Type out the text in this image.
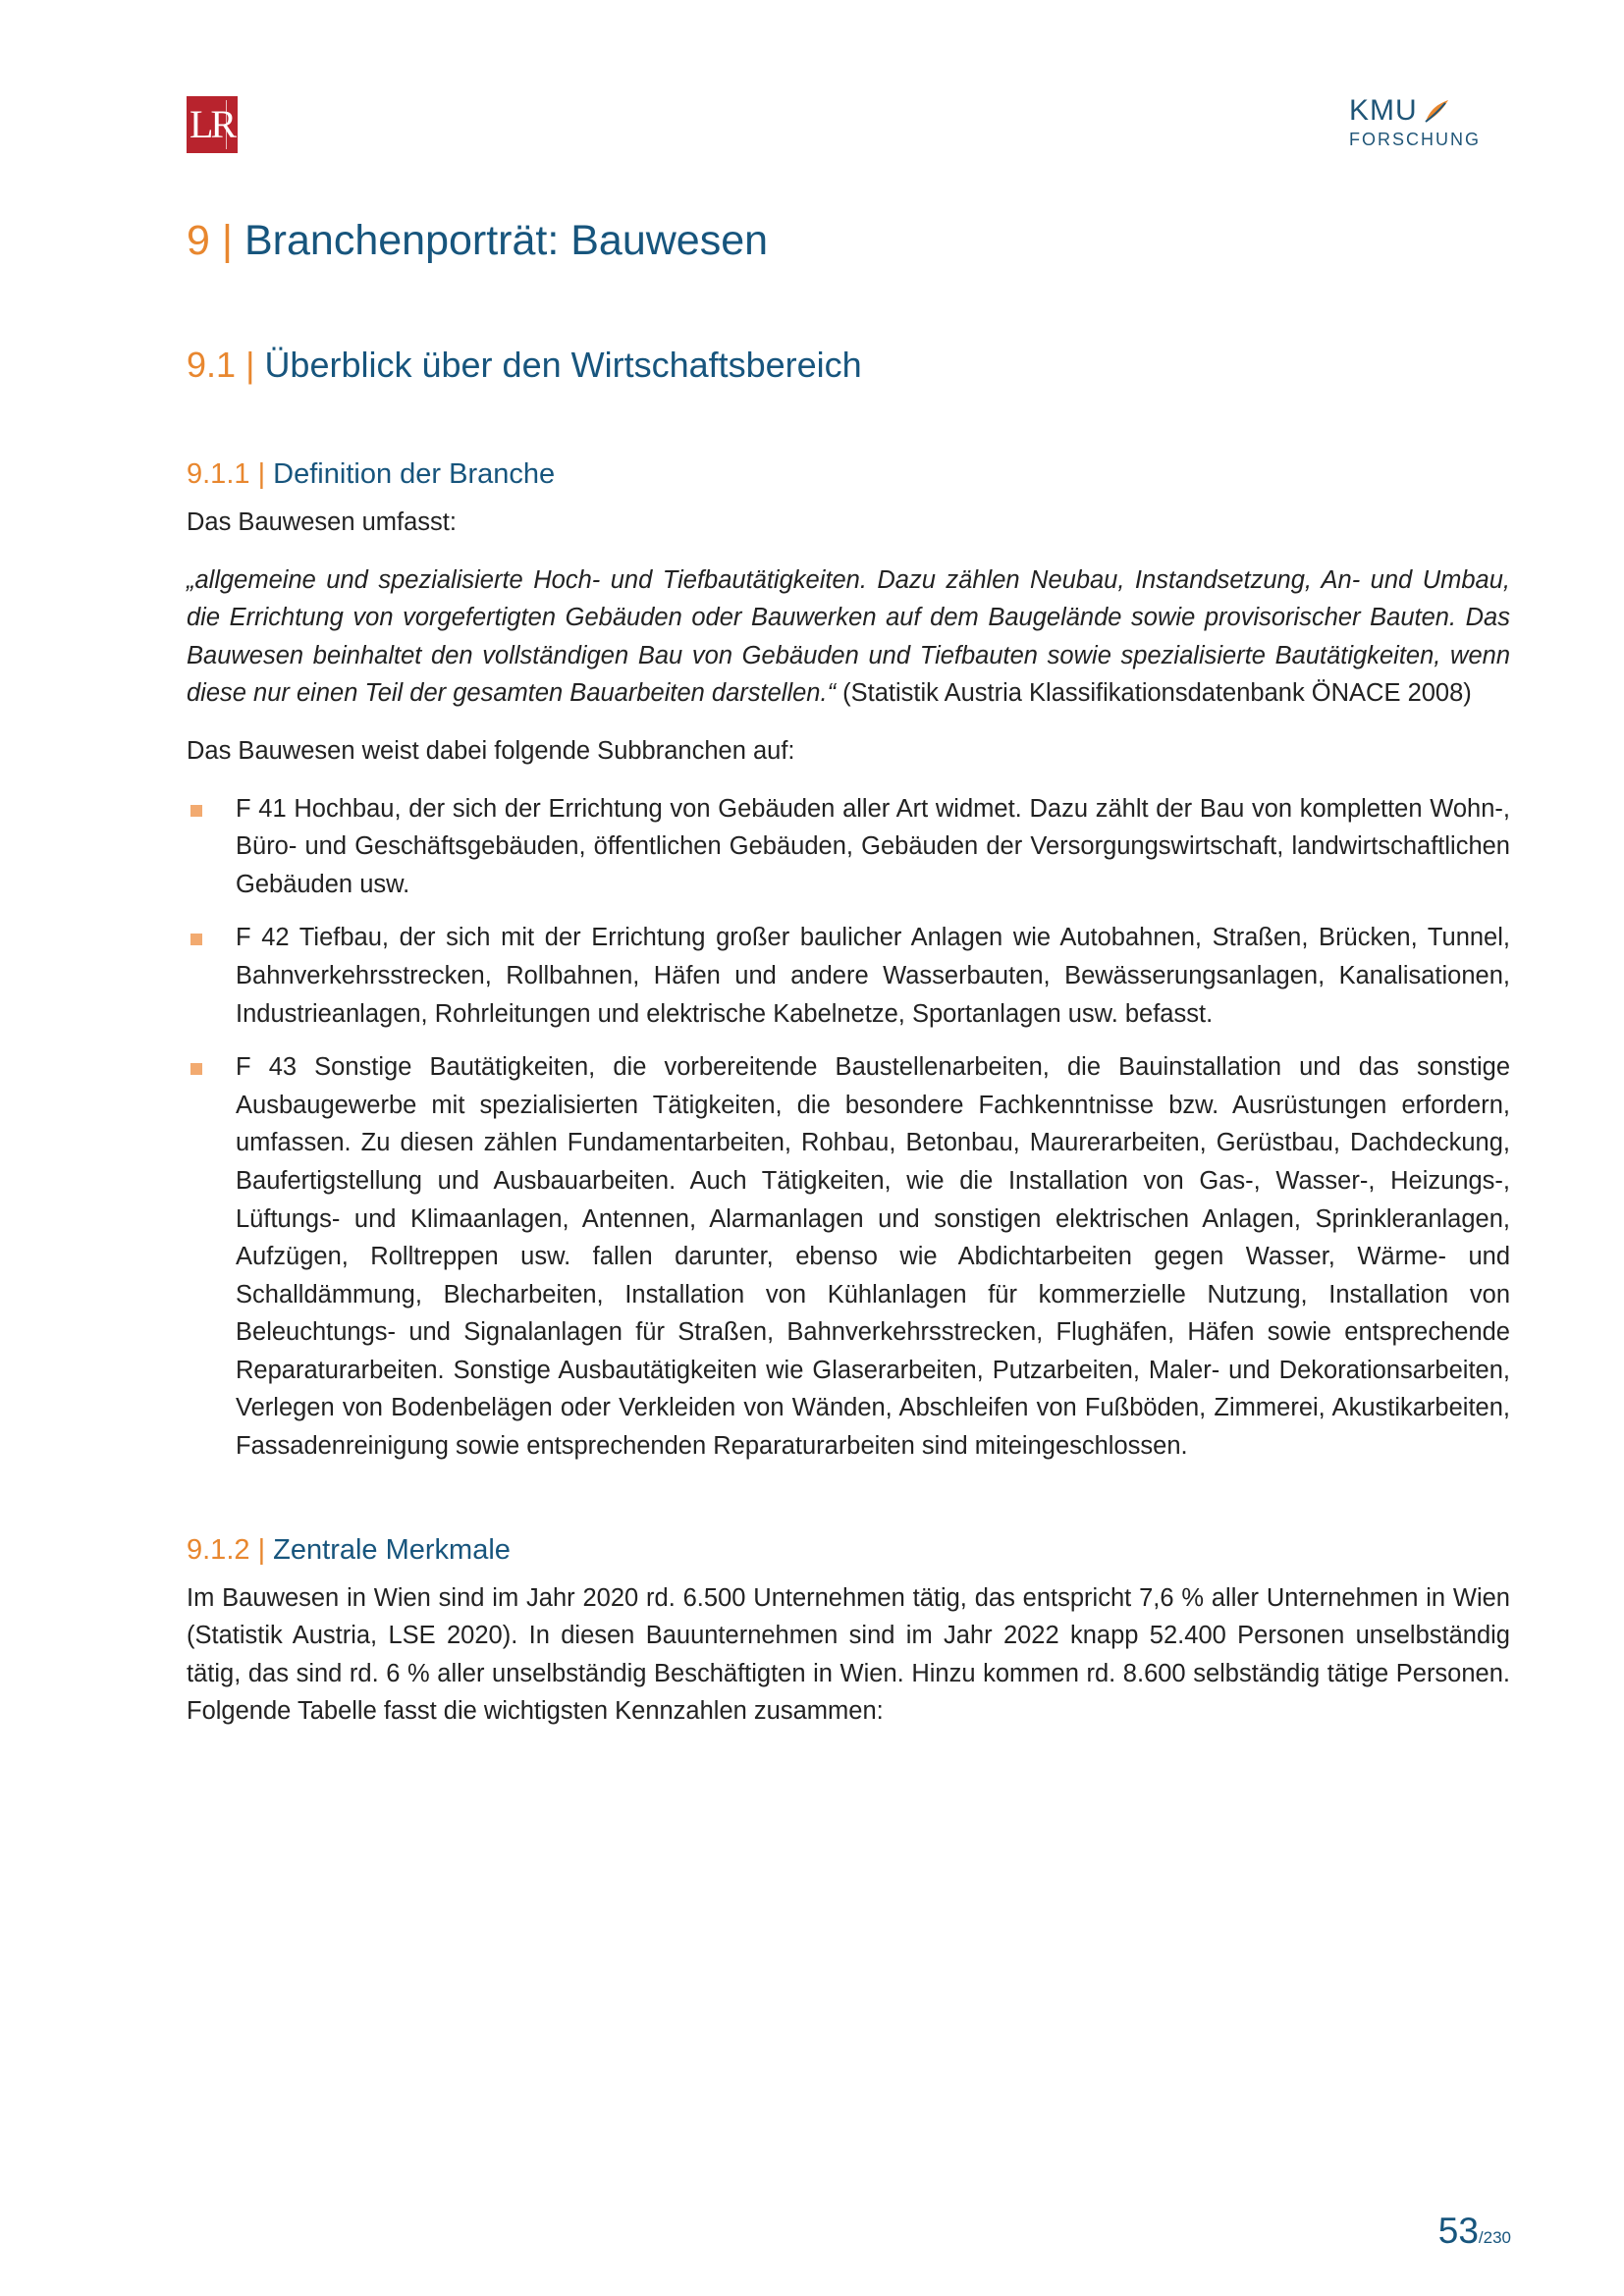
LR	KMU
FORSCHUNG
9 | Branchenporträt: Bauwesen
9.1 | Überblick über den Wirtschaftsbereich
9.1.1 | Definition der Branche

Das Bauwesen umfasst:

„allgemeine und spezialisierte Hoch- und Tiefbautätigkeiten. Dazu zählen Neubau, Instandsetzung, An- und Umbau, die Errichtung von vorgefertigten Gebäuden oder Bauwerken auf dem Baugelände sowie provisorischer Bauten. Das Bauwesen beinhaltet den vollständigen Bau von Gebäuden und Tiefbauten sowie spezialisierte Bautätigkeiten, wenn diese nur einen Teil der gesamten Bauarbeiten darstellen.“ (Statistik Austria Klassifikationsdatenbank ÖNACE 2008)

Das Bauwesen weist dabei folgende Subbranchen auf:

F 41 Hochbau, der sich der Errichtung von Gebäuden aller Art widmet. Dazu zählt der Bau von kompletten Wohn-, Büro- und Geschäftsgebäuden, öffentlichen Gebäuden, Gebäuden der Versorgungswirtschaft, landwirtschaftlichen Gebäuden usw.
F 42 Tiefbau, der sich mit der Errichtung großer baulicher Anlagen wie Autobahnen, Straßen, Brücken, Tunnel, Bahnverkehrsstrecken, Rollbahnen, Häfen und andere Wasserbauten, Bewässerungsanlagen, Kanalisationen, Industrieanlagen, Rohrleitungen und elektrische Kabelnetze, Sportanlagen usw. befasst.
F 43 Sonstige Bautätigkeiten, die vorbereitende Baustellenarbeiten, die Bauinstallation und das sonstige Ausbaugewerbe mit spezialisierten Tätigkeiten, die besondere Fachkenntnisse bzw. Ausrüstungen erfordern, umfassen. Zu diesen zählen Fundamentarbeiten, Rohbau, Betonbau, Maurerarbeiten, Gerüstbau, Dachdeckung, Baufertigstellung und Ausbauarbeiten. Auch Tätigkeiten, wie die Installation von Gas-, Wasser-, Heizungs-, Lüftungs- und Klimaanlagen, Antennen, Alarmanlagen und sonstigen elektrischen Anlagen, Sprinkleranlagen, Aufzügen, Rolltreppen usw. fallen darunter, ebenso wie Abdichtarbeiten gegen Wasser, Wärme- und Schalldämmung, Blecharbeiten, Installation von Kühlanlagen für kommerzielle Nutzung, Installation von Beleuchtungs- und Signalanlagen für Straßen, Bahnverkehrsstrecken, Flughäfen, Häfen sowie entsprechende Reparaturarbeiten. Sonstige Ausbautätigkeiten wie Glaserarbeiten, Putzarbeiten, Maler- und Dekorationsarbeiten, Verlegen von Bodenbelägen oder Verkleiden von Wänden, Abschleifen von Fußböden, Zimmerei, Akustikarbeiten, Fassadenreinigung sowie entsprechenden Reparaturarbeiten sind miteingeschlossen.
9.1.2 | Zentrale Merkmale

Im Bauwesen in Wien sind im Jahr 2020 rd. 6.500 Unternehmen tätig, das entspricht 7,6 % aller Unternehmen in Wien (Statistik Austria, LSE 2020). In diesen Bauunternehmen sind im Jahr 2022 knapp 52.400 Personen unselbständig tätig, das sind rd. 6 % aller unselbständig Beschäftigten in Wien. Hinzu kommen rd. 8.600 selbständig tätige Personen. Folgende Tabelle fasst die wichtigsten Kennzahlen zusammen:

53/230
